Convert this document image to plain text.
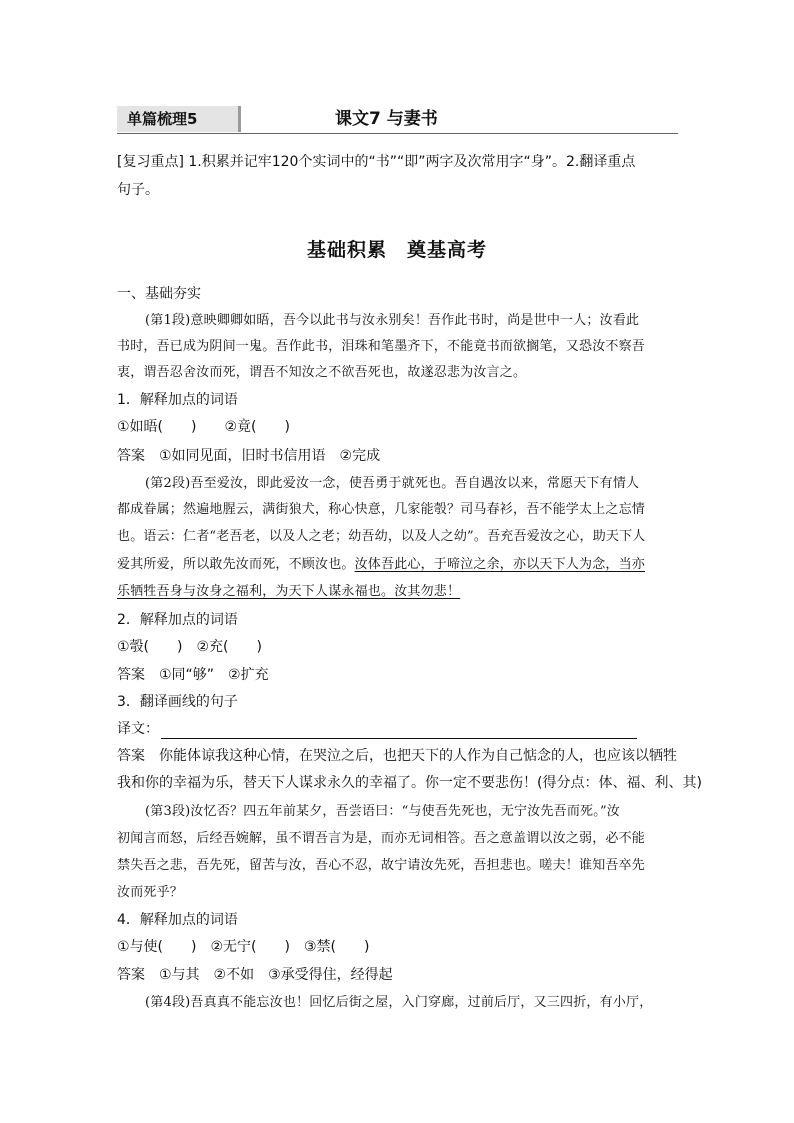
单篇梳理5	课文7 与妻书
[复习重点] 1.积累并记牢120个实词中的“书”“即”两字及次常用字“身”。2.翻译重点
句子。
基础积累　奠基高考
一、基础夯实
(第1段)意映卿卿如晤，吾今以此书与汝永别矣！吾作此书时，尚是世中一人；汝看此
书时，吾已成为阴间一鬼。吾作此书，泪珠和笔墨齐下，不能竟书而欲搁笔，又恐汝不察吾
衷，谓吾忍舍汝而死，谓吾不知汝之不欲吾死也，故遂忍悲为汝言之。
1．解释加点的词语
①如晤(　　)　　②竟(　　)
答案　①如同见面，旧时书信用语　②完成
(第2段)吾至爱汝，即此爱汝一念，使吾勇于就死也。吾自遇汝以来，常愿天下有情人
都成眷属；然遍地腥云，满街狼犬，称心快意，几家能彀？司马春衫，吾不能学太上之忘情
也。语云：仁者“老吾老，以及人之老；幼吾幼，以及人之幼”。吾充吾爱汝之心，助天下人
爱其所爱，所以敢先汝而死，不顾汝也。汝体吾此心，于啼泣之余，亦以天下人为念，当亦
乐牺牲吾身与汝身之福利，为天下人谋永福也。汝其勿悲！
2．解释加点的词语
①彀(　　)　②充(　　)
答案　①同“够”　②扩充
3．翻译画线的句子
译文：
答案　你能体谅我这种心情，在哭泣之后，也把天下的人作为自己惦念的人，也应该以牺牲
我和你的幸福为乐，替天下人谋求永久的幸福了。你一定不要悲伤！(得分点：体、福、利、其)
(第3段)汝忆否？四五年前某夕，吾尝语曰：“与使吾先死也，无宁汝先吾而死。”汝
初闻言而怒，后经吾婉解，虽不谓吾言为是，而亦无词相答。吾之意盖谓以汝之弱，必不能
禁失吾之悲，吾先死，留苦与汝，吾心不忍，故宁请汝先死，吾担悲也。嗟夫！谁知吾卒先
汝而死乎？
4．解释加点的词语
①与使(　　)　②无宁(　　)　③禁(　　)
答案　①与其　②不如　③承受得住，经得起
(第4段)吾真真不能忘汝也！回忆后街之屋，入门穿廊，过前后厅，又三四折，有小厅，
